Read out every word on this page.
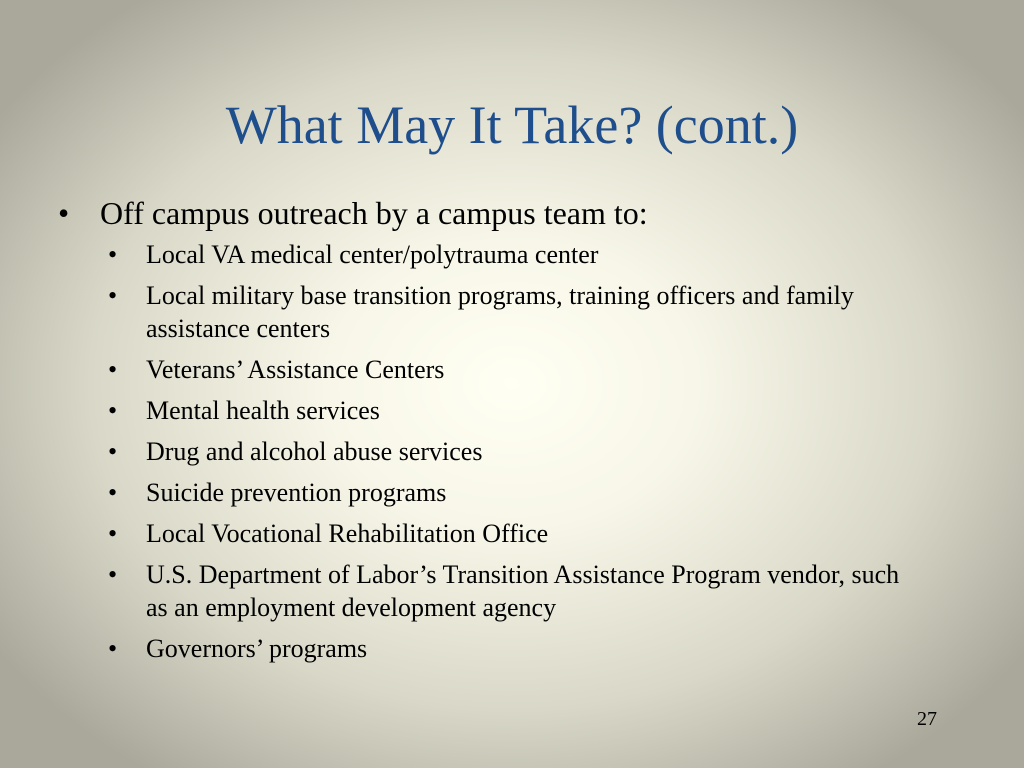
What May It Take? (cont.)
• Off campus outreach by a campus team to:
•	Local VA medical center/polytrauma center
•	Local military base transition programs, training officers and family assistance centers
•	Veterans’ Assistance Centers
•	Mental health services
•	Drug and alcohol abuse services
•	Suicide prevention programs
•	Local Vocational Rehabilitation Office
•	U.S. Department of Labor’s Transition Assistance Program vendor, such as an employment development agency
•	Governors’ programs
27
